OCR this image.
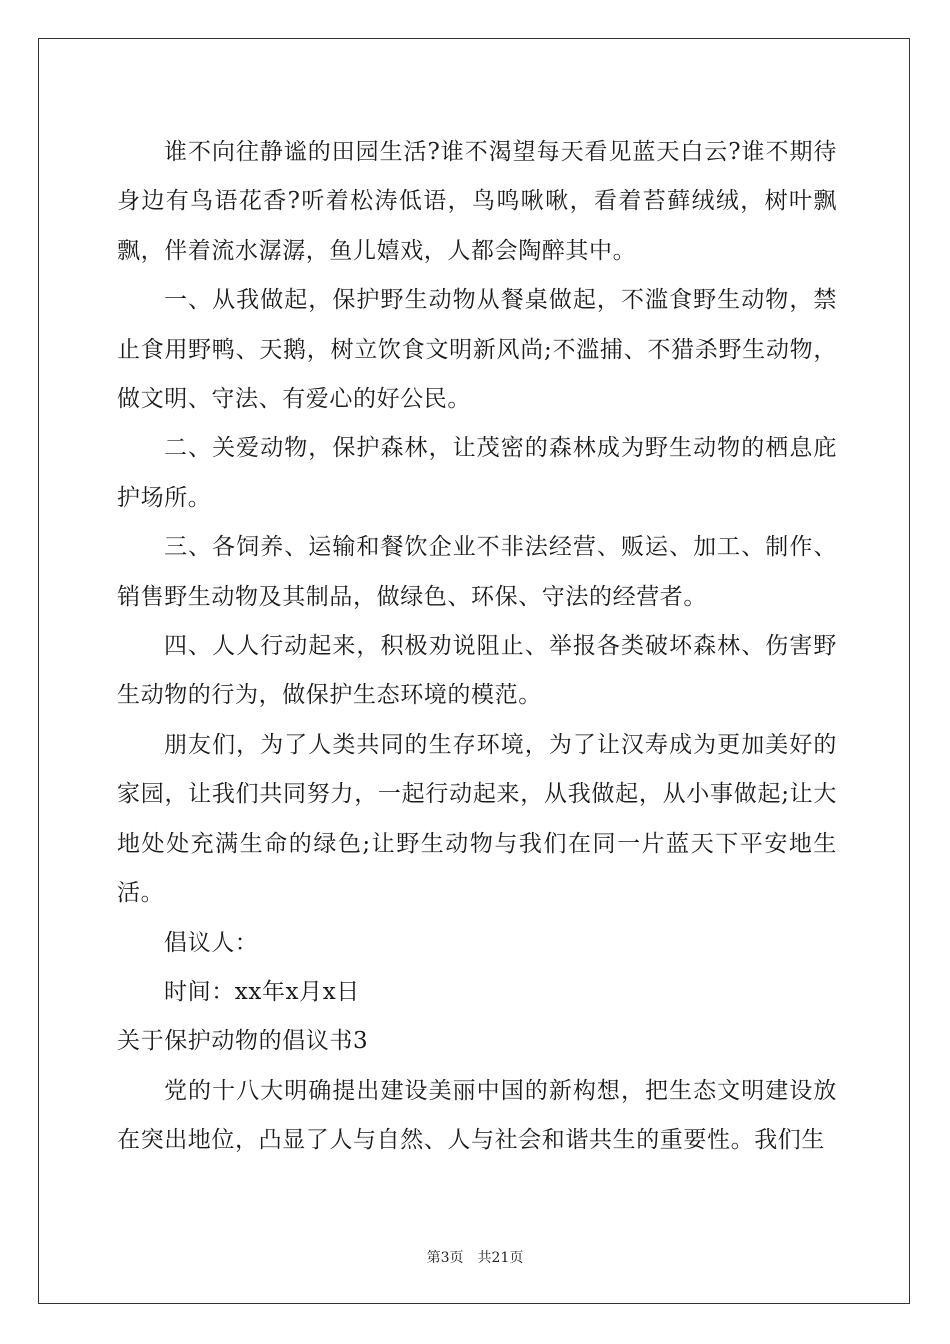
谁不向往静谧的田园生活?谁不渴望每天看见蓝天白云?谁不期待身边有鸟语花香?听着松涛低语，鸟鸣啾啾，看着苔藓绒绒，树叶飘飘，伴着流水潺潺，鱼儿嬉戏，人都会陶醉其中。

一、从我做起，保护野生动物从餐桌做起，不滥食野生动物，禁止食用野鸭、天鹅，树立饮食文明新风尚;不滥捕、不猎杀野生动物，做文明、守法、有爱心的好公民。

二、关爱动物，保护森林，让茂密的森林成为野生动物的栖息庇护场所。

三、各饲养、运输和餐饮企业不非法经营、贩运、加工、制作、销售野生动物及其制品，做绿色、环保、守法的经营者。

四、人人行动起来，积极劝说阻止、举报各类破坏森林、伤害野生动物的行为，做保护生态环境的模范。

朋友们，为了人类共同的生存环境，为了让汉寿成为更加美好的家园，让我们共同努力，一起行动起来，从我做起，从小事做起;让大地处处充满生命的绿色;让野生动物与我们在同一片蓝天下平安地生活。

倡议人：

时间：xx年x月x日

关于保护动物的倡议书3

党的十八大明确提出建设美丽中国的新构想，把生态文明建设放在突出地位，凸显了人与自然、人与社会和谐共生的重要性。我们生

第3页 共21页
